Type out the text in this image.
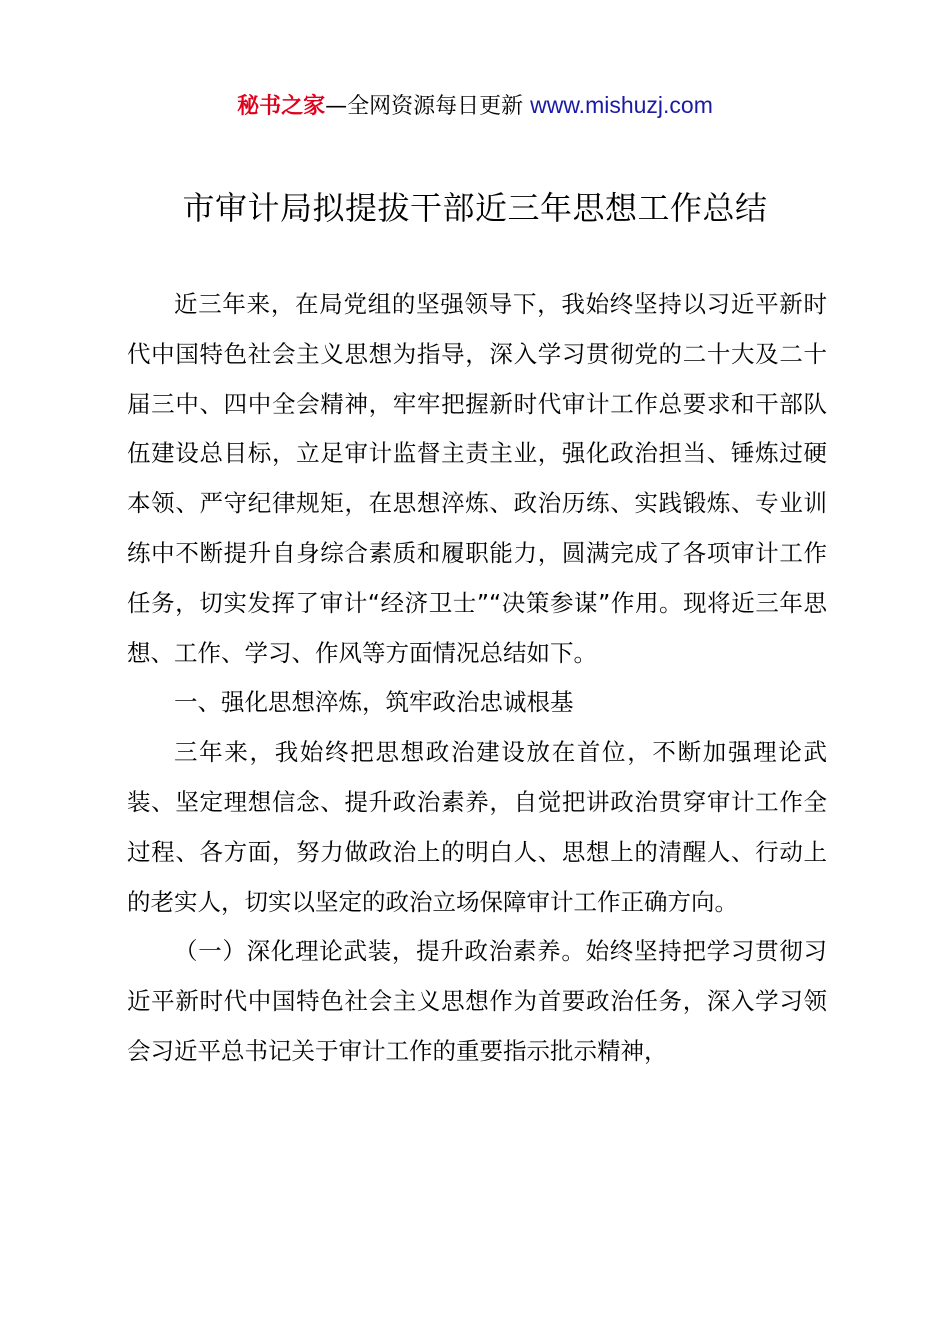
秘书之家—全网资源每日更新 www.mishuzj.com
市审计局拟提拔干部近三年思想工作总结

近三年来，在局党组的坚强领导下，我始终坚持以习近平新时代中国特色社会主义思想为指导，深入学习贯彻党的二十大及二十届三中、四中全会精神，牢牢把握新时代审计工作总要求和干部队伍建设总目标，立足审计监督主责主业，强化政治担当、锤炼过硬本领、严守纪律规矩，在思想淬炼、政治历练、实践锻炼、专业训练中不断提升自身综合素质和履职能力，圆满完成了各项审计工作任务，切实发挥了审计“经济卫士”“决策参谋”作用。现将近三年思想、工作、学习、作风等方面情况总结如下。

一、强化思想淬炼，筑牢政治忠诚根基

三年来，我始终把思想政治建设放在首位，不断加强理论武装、坚定理想信念、提升政治素养，自觉把讲政治贯穿审计工作全过程、各方面，努力做政治上的明白人、思想上的清醒人、行动上的老实人，切实以坚定的政治立场保障审计工作正确方向。

（一）深化理论武装，提升政治素养。始终坚持把学习贯彻习近平新时代中国特色社会主义思想作为首要政治任务，深入学习领会习近平总书记关于审计工作的重要指示批示精神，
